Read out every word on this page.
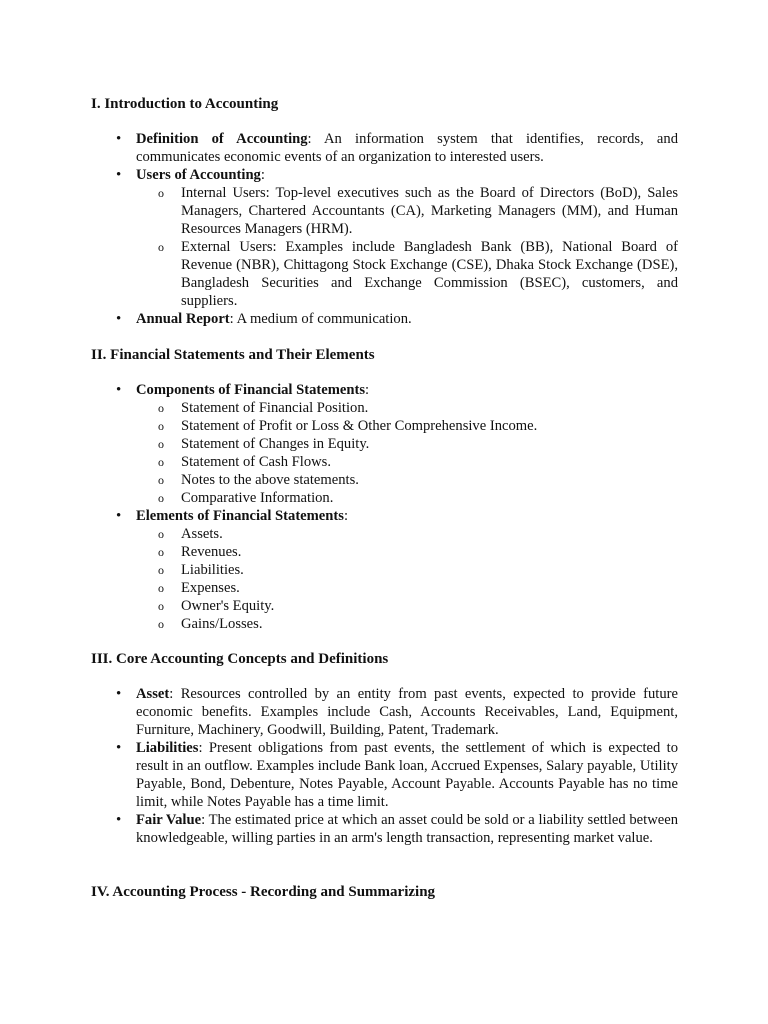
I. Introduction to Accounting
• Definition of Accounting: An information system that identifies, records, and communicates economic events of an organization to interested users.
• Users of Accounting:
o Internal Users: Top-level executives such as the Board of Directors (BoD), Sales Managers, Chartered Accountants (CA), Marketing Managers (MM), and Human Resources Managers (HRM).
o External Users: Examples include Bangladesh Bank (BB), National Board of Revenue (NBR), Chittagong Stock Exchange (CSE), Dhaka Stock Exchange (DSE), Bangladesh Securities and Exchange Commission (BSEC), customers, and suppliers.
• Annual Report: A medium of communication.
II. Financial Statements and Their Elements
• Components of Financial Statements:
o Statement of Financial Position.
o Statement of Profit or Loss & Other Comprehensive Income.
o Statement of Changes in Equity.
o Statement of Cash Flows.
o Notes to the above statements.
o Comparative Information.
• Elements of Financial Statements:
o Assets.
o Revenues.
o Liabilities.
o Expenses.
o Owner's Equity.
o Gains/Losses.
III. Core Accounting Concepts and Definitions
• Asset: Resources controlled by an entity from past events, expected to provide future economic benefits. Examples include Cash, Accounts Receivables, Land, Equipment, Furniture, Machinery, Goodwill, Building, Patent, Trademark.
• Liabilities: Present obligations from past events, the settlement of which is expected to result in an outflow. Examples include Bank loan, Accrued Expenses, Salary payable, Utility Payable, Bond, Debenture, Notes Payable, Account Payable. Accounts Payable has no time limit, while Notes Payable has a time limit.
• Fair Value: The estimated price at which an asset could be sold or a liability settled between knowledgeable, willing parties in an arm's length transaction, representing market value.
IV. Accounting Process - Recording and Summarizing
